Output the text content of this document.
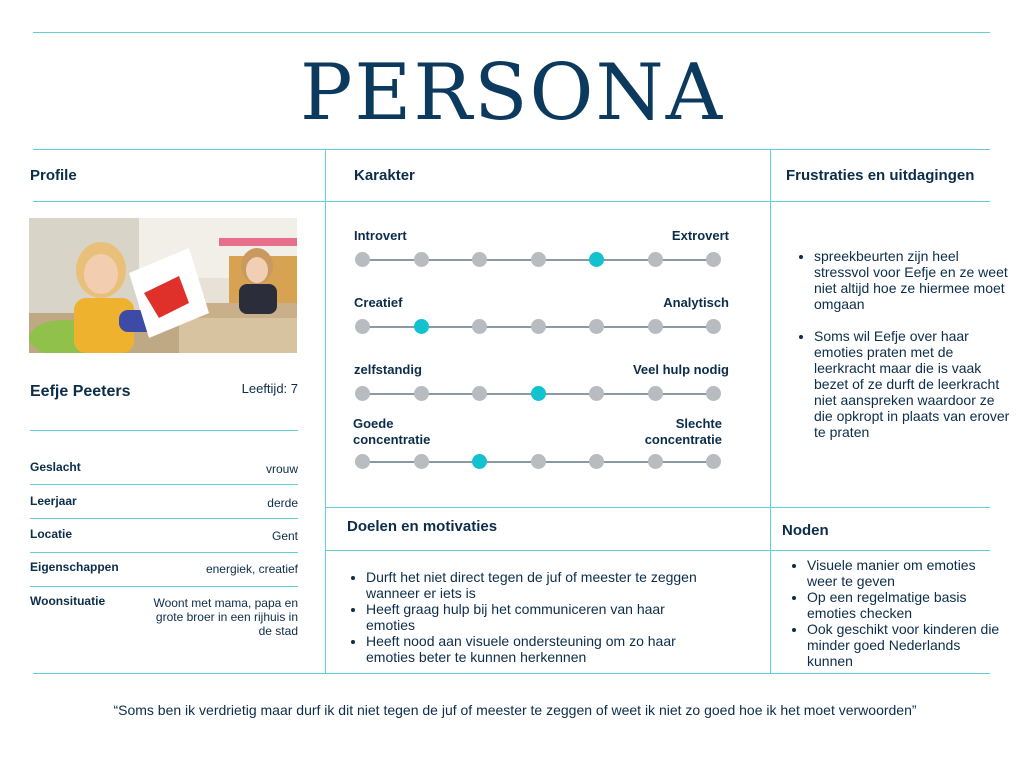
PERSONA
Profile	Karakter	Frustraties en uitdagingen
Doelen en motivaties	Noden
Eefje Peeters	Leeftijd: 7
Geslacht	vrouw
Leerjaar	derde
Locatie	Gent
Eigenschappen	energiek, creatief
Woonsituatie	Woont met mama, papa en grote broer in een rijhuis in de stad
Introvert	Extrovert
Creatief	Analytisch
zelfstandig	Veel hulp nodig
Goede concentratie
Slechte concentratie
• spreekbeurten zijn heel stressvol voor Eefje en ze weet niet altijd hoe ze hiermee moet omgaan
• Soms wil Eefje over haar emoties praten met de leerkracht maar die is vaak bezet of ze durft de leerkracht niet aanspreken waardoor ze die opkropt in plaats van erover te praten
• Durft het niet direct tegen de juf of meester te zeggen wanneer er iets is
• Heeft graag hulp bij het communiceren van haar emoties
• Heeft nood aan visuele ondersteuning om zo haar emoties beter te kunnen herkennen
• Visuele manier om emoties weer te geven
• Op een regelmatige basis emoties checken
• Ook geschikt voor kinderen die minder goed Nederlands kunnen
“Soms ben ik verdrietig maar durf ik dit niet tegen de juf of meester te zeggen of weet ik niet zo goed hoe ik het moet verwoorden”
